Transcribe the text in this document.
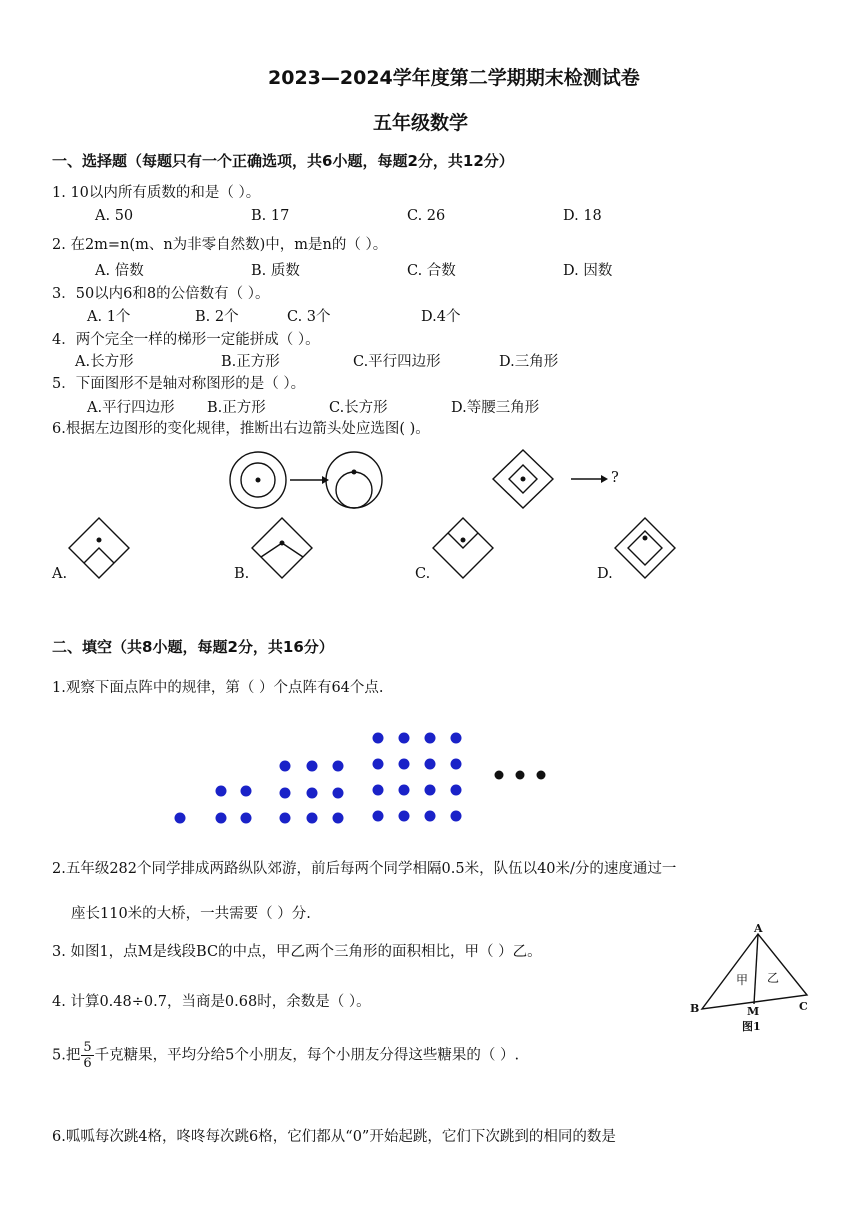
2023—2024学年度第二学期期末检测试卷
五年级数学
一、选择题（每题只有一个正确选项，共6小题，每题2分，共12分）
1. 10以内所有质数的和是（ ）。
A. 50	B. 17	C. 26	D. 18
2. 在2m=n(m、n为非零自然数)中，m是n的（ ）。
A. 倍数	B. 质数	C. 合数	D. 因数
3．50以内6和8的公倍数有（ ）。
A. 1个	B. 2个	C. 3个	D.4个
4．两个完全一样的梯形一定能拼成（ ）。
A.长方形	B.正方形	C.平行四边形	D.三角形
5．下面图形不是轴对称图形的是（ ）。
A.平行四边形 B.正方形	C.长方形	D.等腰三角形
6.根据左边图形的变化规律，推断出右边箭头处应选图( )。
?
A.	B.	C.	D.
二、填空（共8小题，每题2分，共16分）
1.观察下面点阵中的规律，第（ ）个点阵有64个点.
2.五年级282个同学排成两路纵队郊游，前后每两个同学相隔0.5米，队伍以40米/分的速度通过一
座长110米的大桥，一共需要（ ）分.
3. 如图1，点M是线段BC的中点，甲乙两个三角形的面积相比，甲（ ）乙。
A
B	C
M
甲 乙
图1
4. 计算0.48÷0.7，当商是0.68时，余数是（ ）。
5.把 $\frac{5}{6}$ 千克糖果，平均分给5个小朋友，每个小朋友分得这些糖果的（ ）.
6.呱呱每次跳4格，咚咚每次跳6格，它们都从“0”开始起跳，它们下次跳到的相同的数是
